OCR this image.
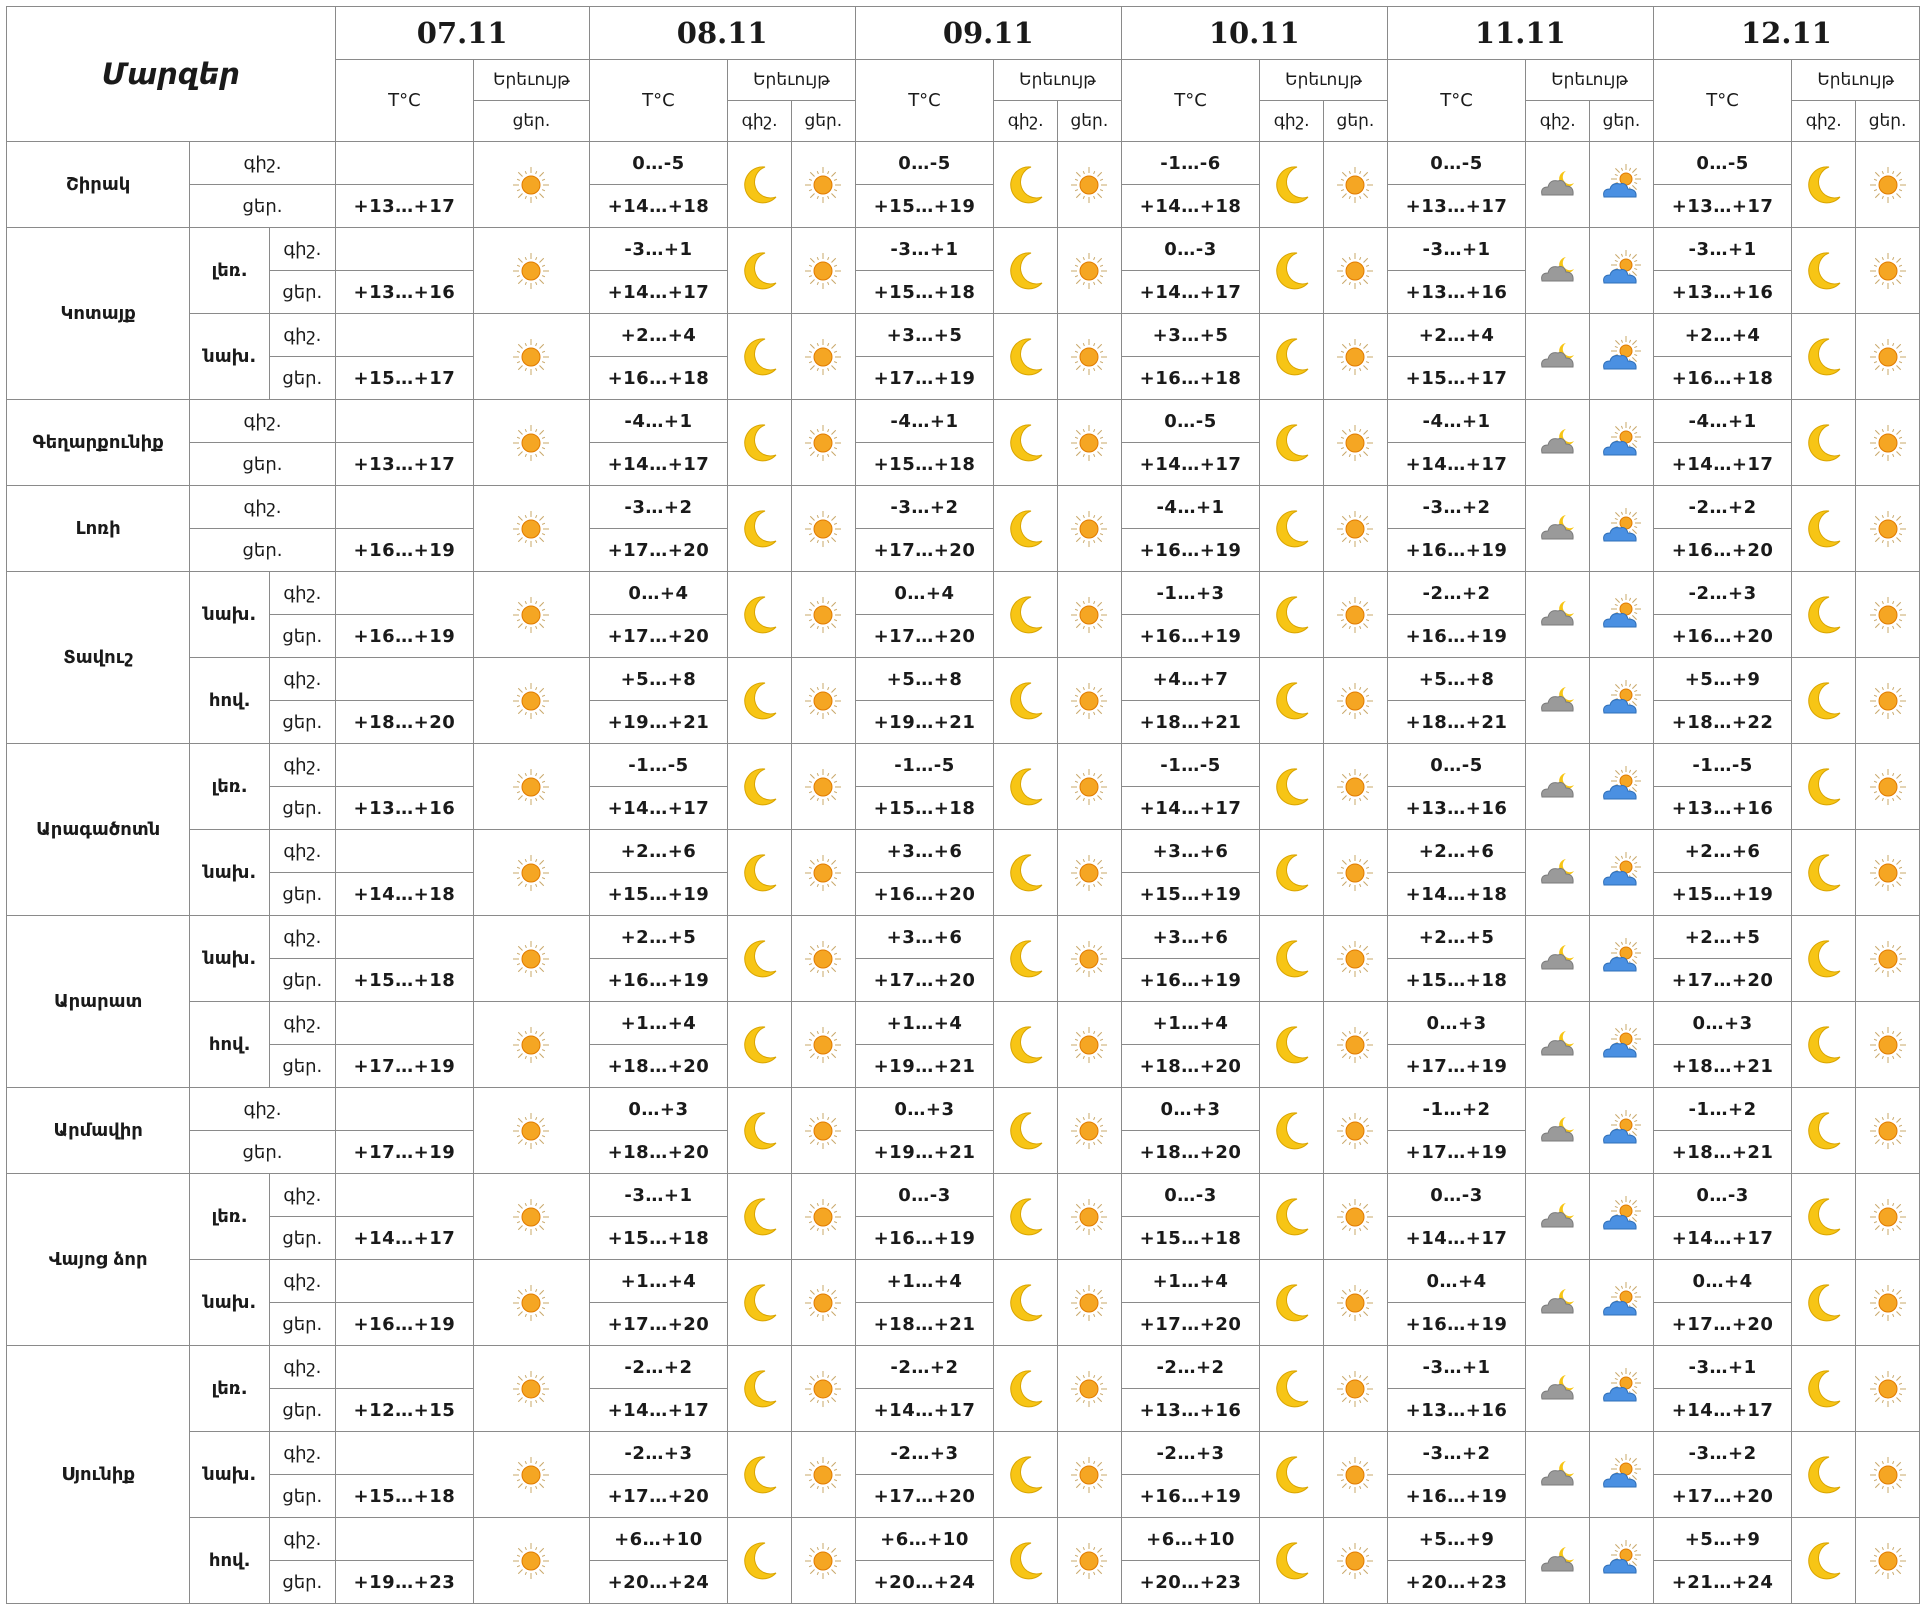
Մարզեր			07.11		08.11			09.11			10.11			11.11			12.11		
			T°C	Երեւույթ	T°C	Երեւույթ		T°C	Երեւույթ		T°C	Երեւույթ		T°C	Երեւույթ		T°C	Երեւույթ	
				ցեր.		գիշ.	ցեր.		գիշ.	ցեր.		գիշ.	ցեր.		գիշ.	ցեր.		գիշ.	ցեր.
Շիրակ	գիշ.				0…-5			0…-5			-1…-6			0…-5			0…-5	

	ցեր.		+13…+17		+14…+18			+15…+19			+14…+18			+13…+17			+13…+17		
Կոտայք	լեռ.	գիշ.			-3…+1			-3…+1			0…-3			-3…+1			-3…+1	

		ցեր.	+13…+16		+14…+17			+15…+18			+14…+17			+13…+16			+13…+16		
	նախ.	գիշ.			+2…+4			+3…+5			+3…+5			+2…+4			+2…+4	

		ցեր.	+15…+17		+16…+18			+17…+19			+16…+18			+15…+17			+16…+18		
Գեղարքունիք	գիշ.				-4…+1			-4…+1			0…-5			-4…+1			-4…+1	

	ցեր.		+13…+17		+14…+17			+15…+18			+14…+17			+14…+17			+14…+17		
Լոռի	գիշ.				-3…+2			-3…+2			-4…+1			-3…+2			-2…+2	

	ցեր.		+16…+19		+17…+20			+17…+20			+16…+19			+16…+19			+16…+20		
Տավուշ	նախ.	գիշ.			0…+4			0…+4			-1…+3			-2…+2			-2…+3	

		ցեր.	+16…+19		+17…+20			+17…+20			+16…+19			+16…+19			+16…+20		
	հով.	գիշ.			+5…+8			+5…+8			+4…+7			+5…+8			+5…+9	

		ցեր.	+18…+20		+19…+21			+19…+21			+18…+21			+18…+21			+18…+22		
Արագածոտն	լեռ.	գիշ.			-1…-5			-1…-5			-1…-5			0…-5			-1…-5	

		ցեր.	+13…+16		+14…+17			+15…+18			+14…+17			+13…+16			+13…+16		
	նախ.	գիշ.			+2…+6			+3…+6			+3…+6			+2…+6			+2…+6	

		ցեր.	+14…+18		+15…+19			+16…+20			+15…+19			+14…+18			+15…+19		
Արարատ	նախ.	գիշ.			+2…+5			+3…+6			+3…+6			+2…+5			+2…+5	

		ցեր.	+15…+18		+16…+19			+17…+20			+16…+19			+15…+18			+17…+20		
	հով.	գիշ.			+1…+4			+1…+4			+1…+4			0…+3			0…+3	

		ցեր.	+17…+19		+18…+20			+19…+21			+18…+20			+17…+19			+18…+21		
Արմավիր	գիշ.				0…+3			0…+3			0…+3			-1…+2			-1…+2	

	ցեր.		+17…+19		+18…+20			+19…+21			+18…+20			+17…+19			+18…+21		
Վայոց ձոր	լեռ.	գիշ.			-3…+1			0…-3			0…-3			0…-3			0…-3	

		ցեր.	+14…+17		+15…+18			+16…+19			+15…+18			+14…+17			+14…+17		
	նախ.	գիշ.			+1…+4			+1…+4			+1…+4			0…+4			0…+4	

		ցեր.	+16…+19		+17…+20			+18…+21			+17…+20			+16…+19			+17…+20		
Սյունիք	լեռ.	գիշ.			-2…+2			-2…+2			-2…+2			-3…+1			-3…+1	

		ցեր.	+12…+15		+14…+17			+14…+17			+13…+16			+13…+16			+14…+17		
	նախ.	գիշ.			-2…+3			-2…+3			-2…+3			-3…+2			-3…+2	

		ցեր.	+15…+18		+17…+20			+17…+20			+16…+19			+16…+19			+17…+20		
	հով.	գիշ.			+6…+10			+6…+10			+6…+10			+5…+9			+5…+9	

		ցեր.	+19…+23		+20…+24			+20…+24			+20…+23			+20…+23			+21…+24		
